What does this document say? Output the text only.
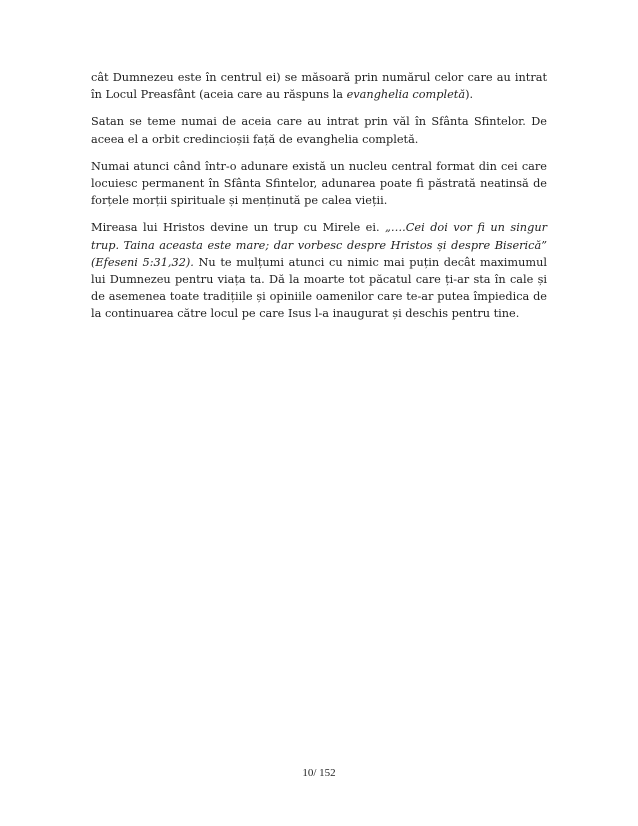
cât Dumnezeu este în centrul ei) se măsoară prin numărul celor care au intrat în Locul Preasfânt (aceia care au răspuns la evanghelia completă).

Satan se teme numai de aceia care au intrat prin văl în Sfânta Sfintelor. De aceea el a orbit credincioșii față de evanghelia completă.

Numai atunci când într-o adunare există un nucleu central format din cei care locuiesc permanent în Sfânta Sfintelor, adunarea poate fi păstrată neatinsă de forțele morții spirituale și menținută pe calea vieții.

Mireasa lui Hristos devine un trup cu Mirele ei. „….Cei doi vor fi un singur trup. Taina aceasta este mare; dar vorbesc despre Hristos și despre Biserică” (Efeseni 5:31,32). Nu te mulțumi atunci cu nimic mai puțin decât maximumul lui Dumnezeu pentru viața ta. Dă la moarte tot păcatul care ți-ar sta în cale și de asemenea toate tradițiile și opiniile oamenilor care te-ar putea împiedica de la continuarea către locul pe care Isus l-a inaugurat și deschis pentru tine.

10/ 152
